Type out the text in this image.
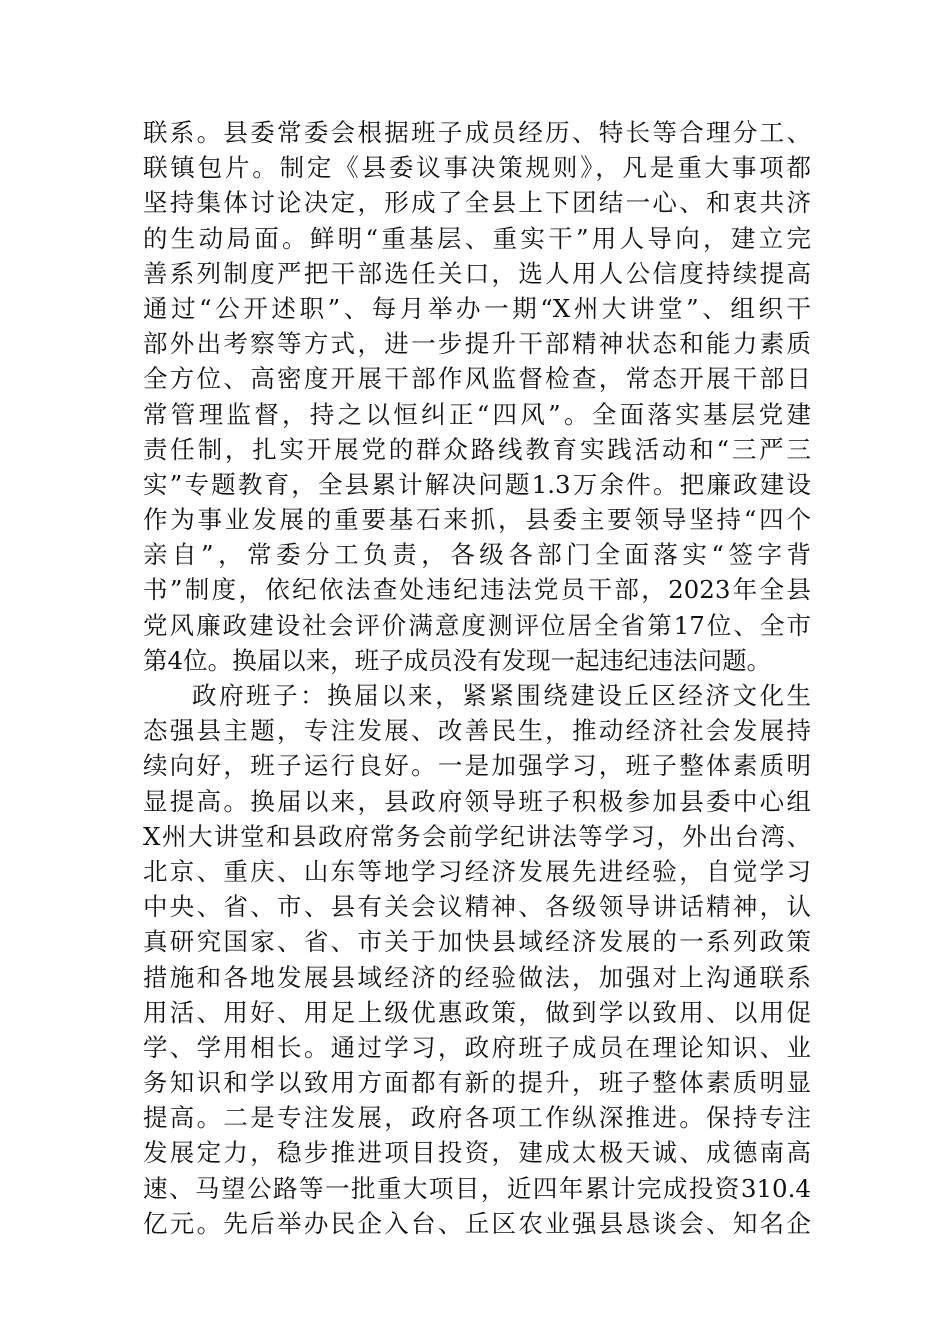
联系。县委常委会根据班子成员经历、特长等合理分工、
联镇包片。制定《县委议事决策规则》，凡是重大事项都
坚持集体讨论决定，形成了全县上下团结一心、和衷共济
的生动局面。鲜明“重基层、重实干”用人导向，建立完
善系列制度严把干部选任关口，选人用人公信度持续提高
通过“公开述职”、每月举办一期“X州大讲堂”、组织干
部外出考察等方式，进一步提升干部精神状态和能力素质
全方位、高密度开展干部作风监督检查，常态开展干部日
常管理监督，持之以恒纠正“四风”。全面落实基层党建
责任制，扎实开展党的群众路线教育实践活动和“三严三
实”专题教育，全县累计解决问题1.3万余件。把廉政建设
作为事业发展的重要基石来抓，县委主要领导坚持“四个
亲自”，常委分工负责，各级各部门全面落实“签字背
书”制度，依纪依法查处违纪违法党员干部，2023年全县
党风廉政建设社会评价满意度测评位居全省第17位、全市
第4位。换届以来，班子成员没有发现一起违纪违法问题。
政府班子：换届以来，紧紧围绕建设丘区经济文化生
态强县主题，专注发展、改善民生，推动经济社会发展持
续向好，班子运行良好。一是加强学习，班子整体素质明
显提高。换届以来，县政府领导班子积极参加县委中心组
X州大讲堂和县政府常务会前学纪讲法等学习，外出台湾、
北京、重庆、山东等地学习经济发展先进经验，自觉学习
中央、省、市、县有关会议精神、各级领导讲话精神，认
真研究国家、省、市关于加快县域经济发展的一系列政策
措施和各地发展县域经济的经验做法，加强对上沟通联系
用活、用好、用足上级优惠政策，做到学以致用、以用促
学、学用相长。通过学习，政府班子成员在理论知识、业
务知识和学以致用方面都有新的提升，班子整体素质明显
提高。二是专注发展，政府各项工作纵深推进。保持专注
发展定力，稳步推进项目投资，建成太极天诚、成德南高
速、马望公路等一批重大项目，近四年累计完成投资310.4
亿元。先后举办民企入台、丘区农业强县恳谈会、知名企
